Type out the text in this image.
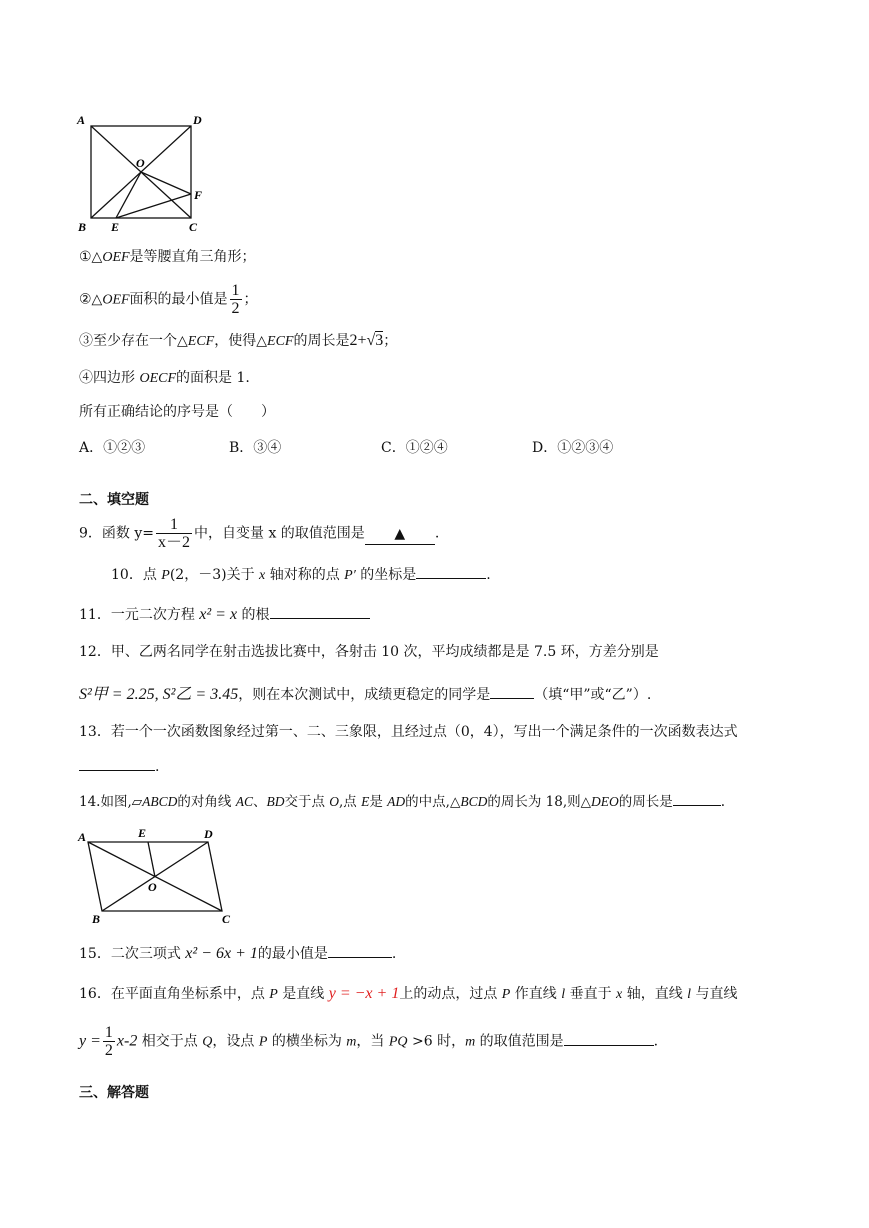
A	D
O
F
B E	C
①△OEF是等腰直角三角形；
②△OEF面积的最小值是 $\frac{1}{2}$ ；
③至少存在一个△ECF，使得△ECF的周长是2+√3；
④四边形 OECF的面积是 1.
所有正确结论的序号是（　　）
A．①②③	B．③④	C．①②④	D．①②③④
二、填空题
9．函数 $y= \frac{1}{x-2}$ 中，自变量 x 的取值范围是 ▲ .
10．点 P(2，－3)关于 x 轴对称的点 P′ 的坐标是	.
11．一元二次方程 x² = x 的根
12．甲、乙两名同学在射击选拔比赛中，各射击 10 次，平均成绩都是是 7.5 环，方差分别是
S²甲 = 2.25, S²乙 = 3.45，则在本次测试中，成绩更稳定的同学是	（填“甲”或“乙”）.
13．若一个一次函数图象经过第一、二、三象限，且经过点（0，4），写出一个满足条件的一次函数表达式
.
14.如图,▱ABCD的对角线 AC、BD交于点 O,点 E是 AD的中点,△BCD的周长为 18,则△DEO的周长是	.
A	E	D
O
B	C
15．二次三项式 x² − 6x + 1的最小值是	.
16．在平面直角坐标系中，点 P 是直线 y = −x + 1上的动点，过点 P 作直线 l 垂直于 x 轴，直线 l 与直线
$y = \frac{1}{2} x-2$ 相交于点 Q，设点 P 的横坐标为 m，当 PQ >6 时，m 的取值范围是	.
三、解答题
